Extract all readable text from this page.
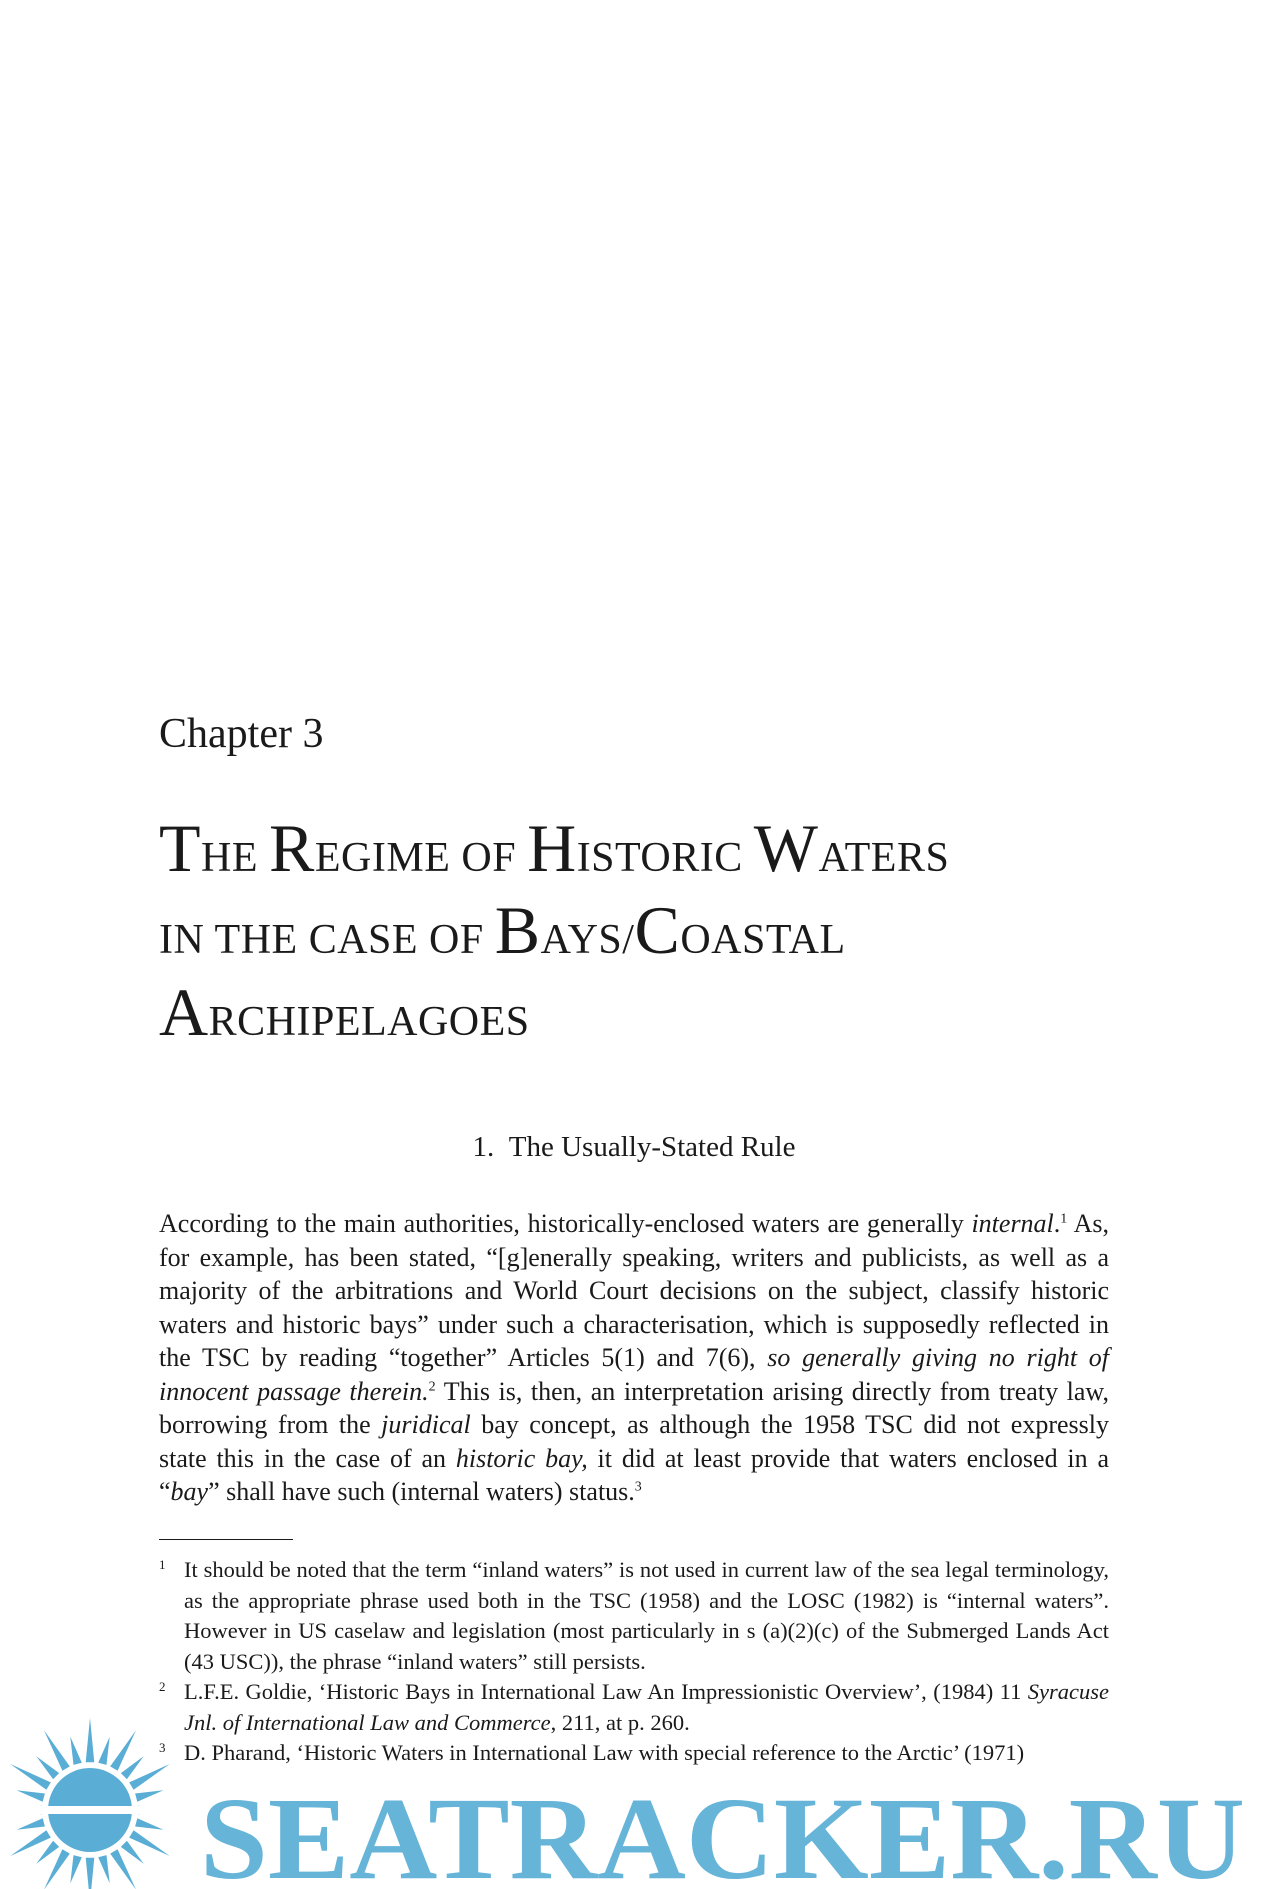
Chapter 3
THE REGIME OF HISTORIC WATERS
IN THE CASE OF BAYS/COASTAL
ARCHIPELAGOES
1. The Usually-Stated Rule

According to the main authorities, historically-enclosed waters are generally internal.$^1$ As, for example, has been stated, “[g]enerally speaking, writers and publicists, as well as a majority of the arbitrations and World Court decisions on the subject, classify historic waters and historic bays” under such a characterisation, which is supposedly reflected in the TSC by reading “together” Articles 5(1) and 7(6), so generally giving no right of innocent passage therein.$^2$ This is, then, an interpretation arising directly from treaty law, borrowing from the juridical bay concept, as although the 1958 TSC did not expressly state this in the case of an historic bay, it did at least provide that waters enclosed in a “bay” shall have such (internal waters) status.$^3$

1 It should be noted that the term “inland waters” is not used in current law of the sea legal terminology, as the appropriate phrase used both in the TSC (1958) and the LOSC (1982) is “internal waters”. However in US caselaw and legislation (most particularly in s (a)(2)(c) of the Submerged Lands Act (43 USC)), the phrase “inland waters” still persists.
2 L.F.E. Goldie, ‘Historic Bays in International Law An Impressionistic Overview’, (1984) 11 Syracuse Jnl. of International Law and Commerce, 211, at p. 260.
3 D. Pharand, ‘Historic Waters in International Law with special reference to the Arctic’ (1971)
SEATRACKER.RU
